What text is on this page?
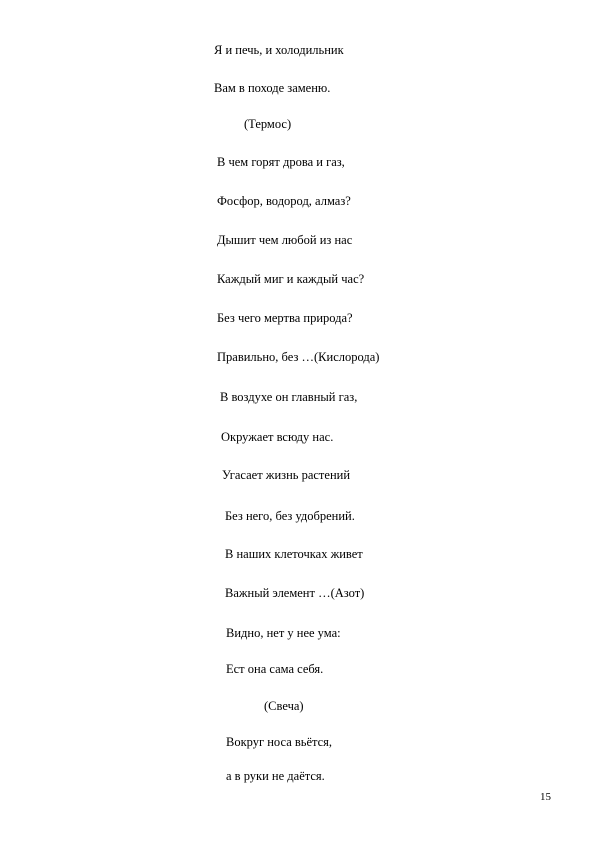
Я и печь, и холодильник
Вам в походе заменю.
(Термос)
В чем горят дрова и газ,
Фосфор, водород, алмаз?
Дышит чем любой из нас
Каждый миг и каждый час?
Без чего мертва природа?
Правильно, без …(Кислорода)
В воздухе он главный газ,
Окружает всюду нас.
Угасает жизнь растений
Без него, без удобрений.
В наших клеточках живет
Важный элемент …(Азот)
Видно, нет у нее ума:
Ест она сама себя.
(Свеча)
Вокруг носа вьётся,
а в руки не даётся.
15
